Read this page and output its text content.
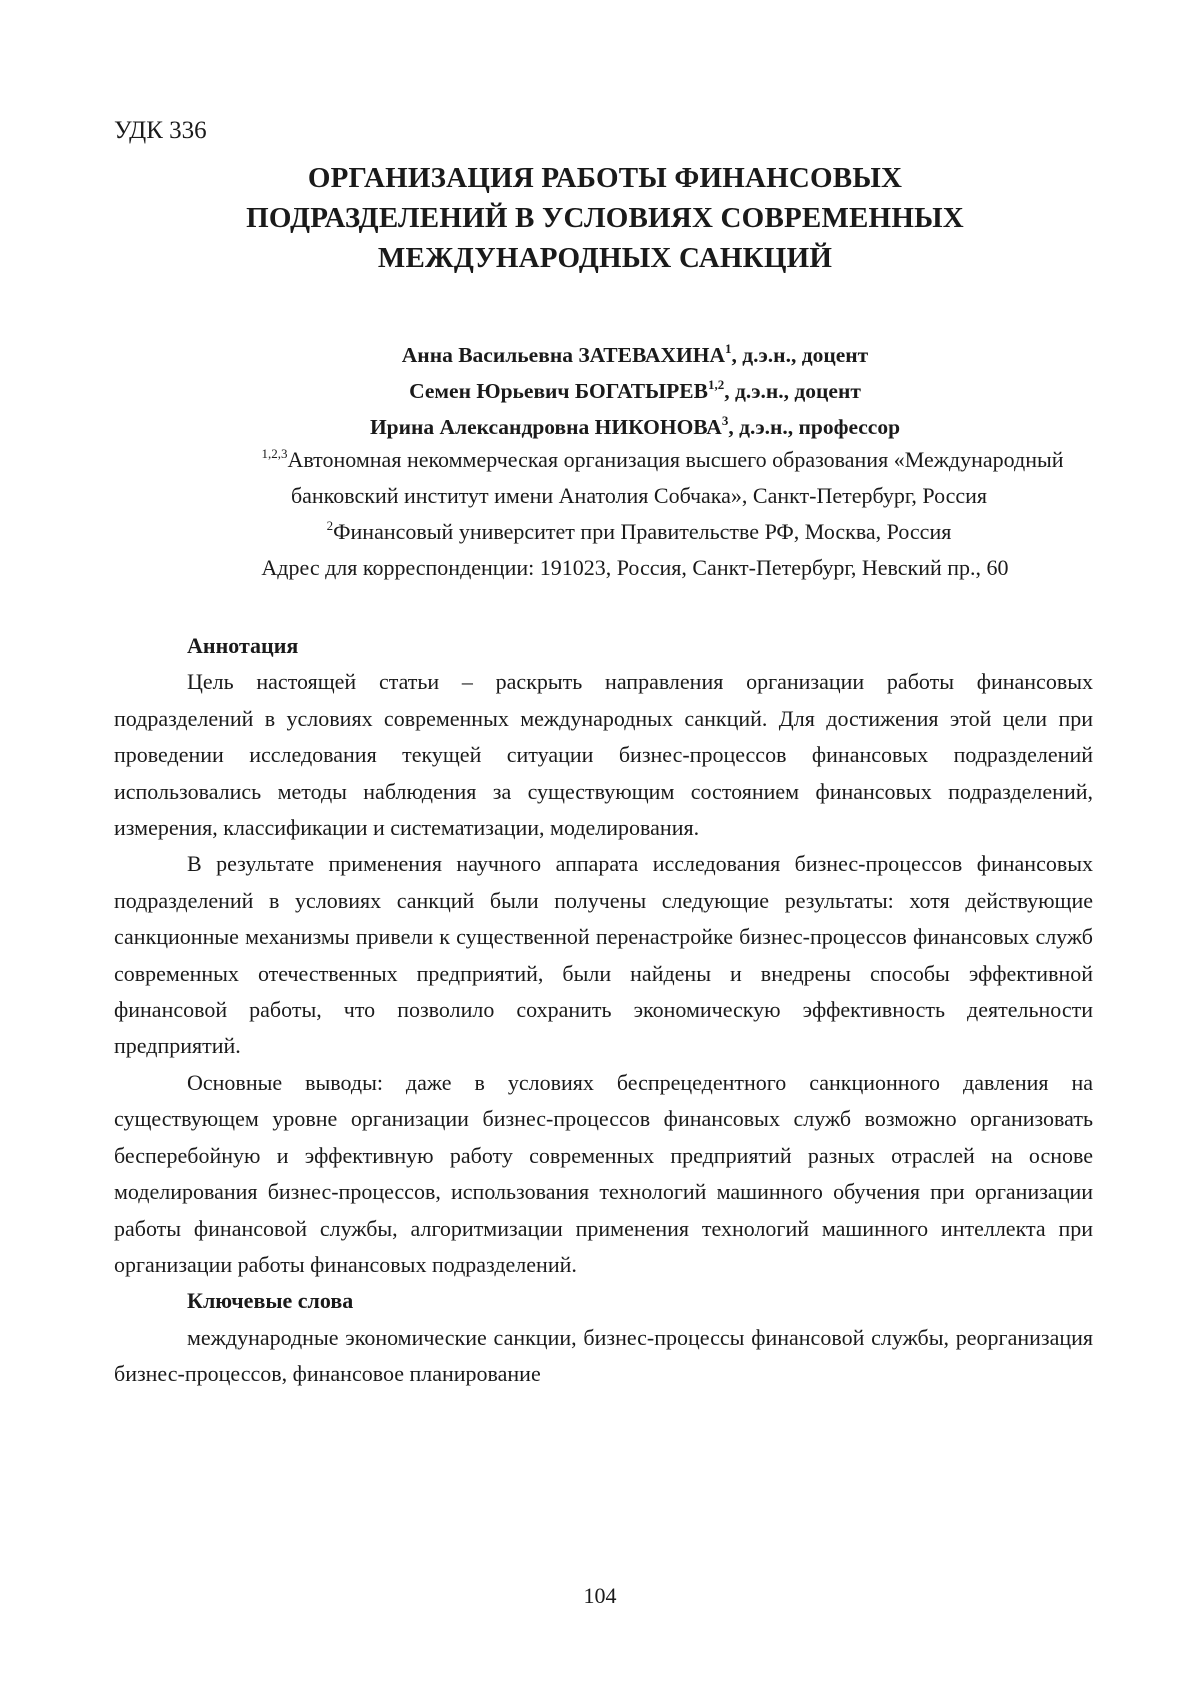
УДК 336
ОРГАНИЗАЦИЯ РАБОТЫ ФИНАНСОВЫХ
ПОДРАЗДЕЛЕНИЙ В УСЛОВИЯХ СОВРЕМЕННЫХ
МЕЖДУНАРОДНЫХ САНКЦИЙ
Анна Васильевна ЗАТЕВАХИНА$^1$, д.э.н., доцент
Семен Юрьевич БОГАТЫРЕВ$^{1,2}$, д.э.н., доцент
Ирина Александровна НИКОНОВА$^3$, д.э.н., профессор
$^{1,2,3}$Автономная некоммерческая организация высшего образования «Международный
банковский институт имени Анатолия Собчака», Санкт-Петербург, Россия
$^2$Финансовый университет при Правительстве РФ, Москва, Россия
Адрес для корреспонденции: 191023, Россия, Санкт-Петербург, Невский пр., 60
Аннотация

Цель настоящей статьи – раскрыть направления организации работы финансовых подразделений в условиях современных международных санкций. Для достижения этой цели при проведении исследования текущей ситуации бизнес-процессов финансовых подразделений использовались методы наблюдения за существующим состоянием финансовых подразделений, измерения, классификации и систематизации, моделирования.

В результате применения научного аппарата исследования бизнес-процессов финансовых подразделений в условиях санкций были получены следующие результаты: хотя действующие санкционные механизмы привели к существенной перенастройке бизнес-процессов финансовых служб современных отечественных предприятий, были найдены и внедрены способы эффективной финансовой работы, что позволило сохранить экономическую эффективность деятельности предприятий.

Основные выводы: даже в условиях беспрецедентного санкционного давления на существующем уровне организации бизнес-процессов финансовых служб возможно организовать бесперебойную и эффективную работу современных предприятий разных отраслей на основе моделирования бизнес-процессов, использования технологий машинного обучения при организации работы финансовой службы, алгоритмизации применения технологий машинного интеллекта при организации работы финансовых подразделений.

Ключевые слова

международные экономические санкции, бизнес-процессы финансовой службы, реорганизация бизнес-процессов, финансовое планирование

104
